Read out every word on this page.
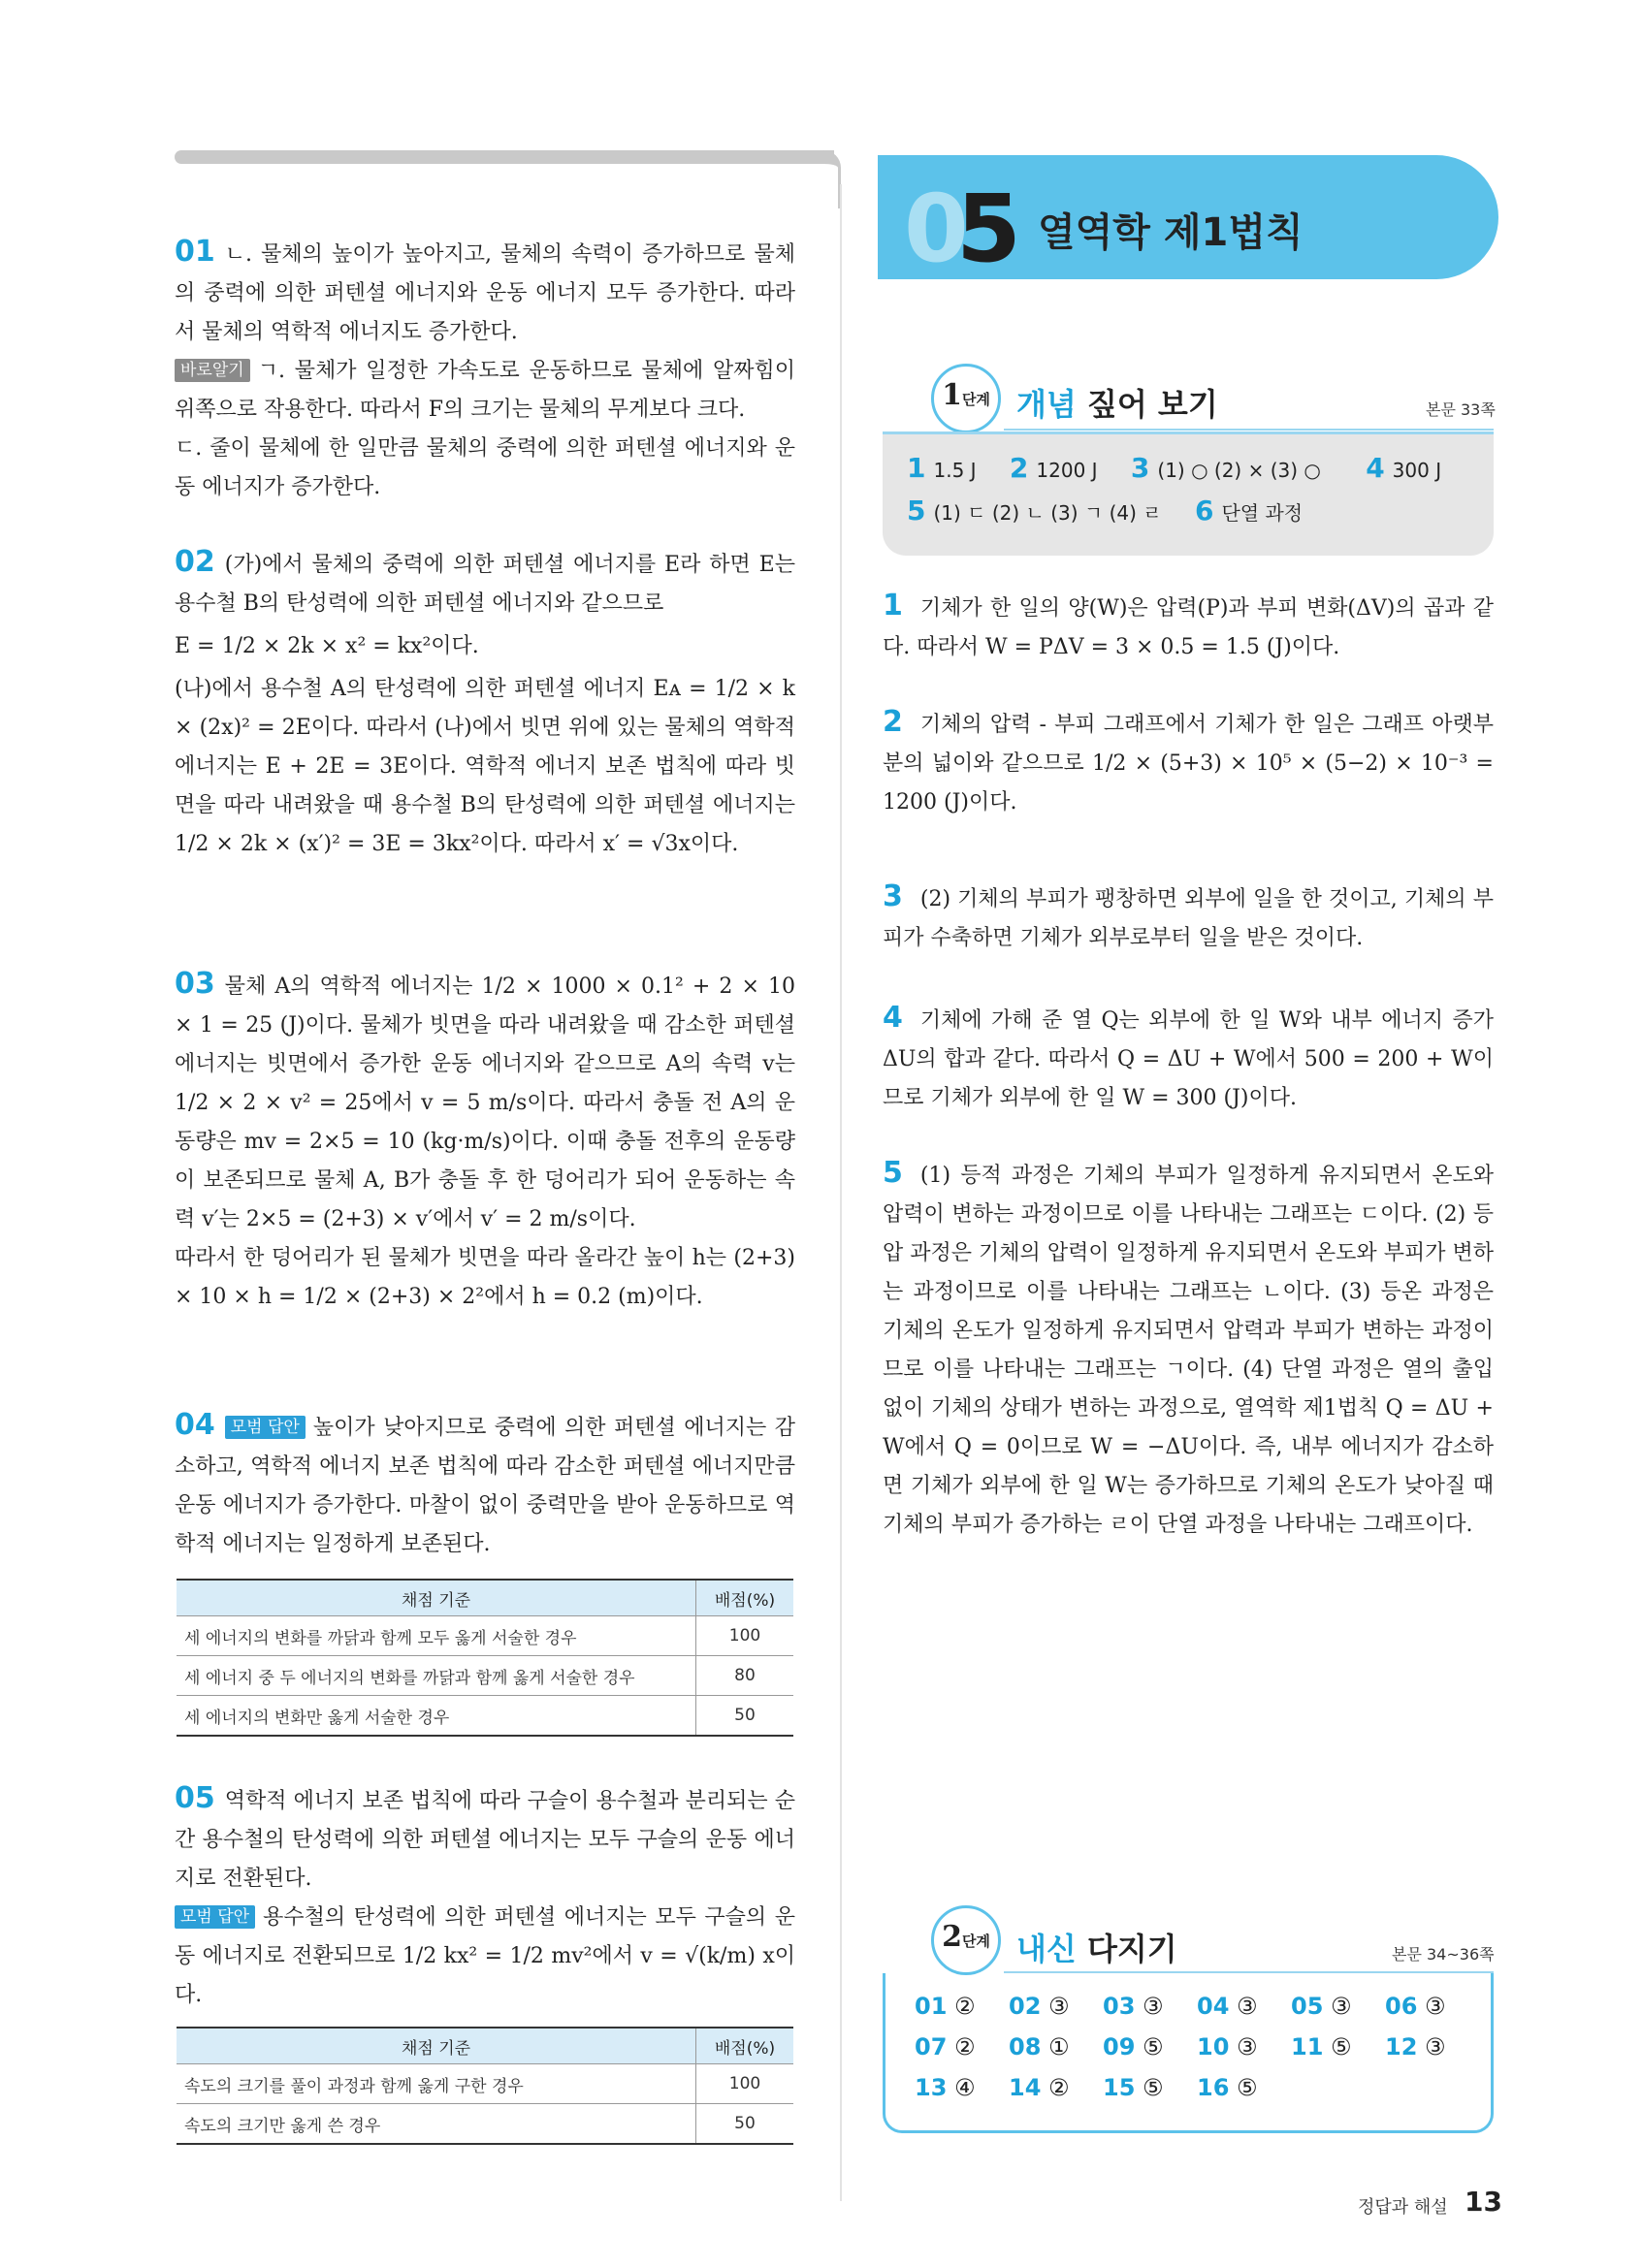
01 ㄴ. 물체의 높이가 높아지고, 물체의 속력이 증가하므로 물체의 중력에 의한 퍼텐셜 에너지와 운동 에너지 모두 증가한다. 따라서 물체의 역학적 에너지도 증가한다.

바로알기 ㄱ. 물체가 일정한 가속도로 운동하므로 물체에 알짜힘이 위쪽으로 작용한다. 따라서 F의 크기는 물체의 무게보다 크다.

ㄷ. 줄이 물체에 한 일만큼 물체의 중력에 의한 퍼텐셜 에너지와 운동 에너지가 증가한다.

02 (가)에서 물체의 중력에 의한 퍼텐셜 에너지를 E라 하면 E는 용수철 B의 탄성력에 의한 퍼텐셜 에너지와 같으므로

E = 1/2 × 2k × x² = kx²이다.

(나)에서 용수철 A의 탄성력에 의한 퍼텐셜 에너지 Eᴀ = 1/2 × k × (2x)² = 2E이다. 따라서 (나)에서 빗면 위에 있는 물체의 역학적 에너지는 E + 2E = 3E이다. 역학적 에너지 보존 법칙에 따라 빗면을 따라 내려왔을 때 용수철 B의 탄성력에 의한 퍼텐셜 에너지는 1/2 × 2k × (x′)² = 3E = 3kx²이다. 따라서 x′ = √3x이다.

03 물체 A의 역학적 에너지는 1/2 × 1000 × 0.1² + 2 × 10 × 1 = 25 (J)이다. 물체가 빗면을 따라 내려왔을 때 감소한 퍼텐셜 에너지는 빗면에서 증가한 운동 에너지와 같으므로 A의 속력 v는 1/2 × 2 × v² = 25에서 v = 5 m/s이다. 따라서 충돌 전 A의 운동량은 mv = 2×5 = 10 (kg·m/s)이다. 이때 충돌 전후의 운동량이 보존되므로 물체 A, B가 충돌 후 한 덩어리가 되어 운동하는 속력 v′는 2×5 = (2+3) × v′에서 v′ = 2 m/s이다.

따라서 한 덩어리가 된 물체가 빗면을 따라 올라간 높이 h는 (2+3) × 10 × h = 1/2 × (2+3) × 2²에서 h = 0.2 (m)이다.

04 모범 답안 높이가 낮아지므로 중력에 의한 퍼텐셜 에너지는 감소하고, 역학적 에너지 보존 법칙에 따라 감소한 퍼텐셜 에너지만큼 운동 에너지가 증가한다. 마찰이 없이 중력만을 받아 운동하므로 역학적 에너지는 일정하게 보존된다.

채점 기준	배점(%)
세 에너지의 변화를 까닭과 함께 모두 옳게 서술한 경우	100
세 에너지 중 두 에너지의 변화를 까닭과 함께 옳게 서술한 경우	80
세 에너지의 변화만 옳게 서술한 경우	50

05 역학적 에너지 보존 법칙에 따라 구슬이 용수철과 분리되는 순간 용수철의 탄성력에 의한 퍼텐셜 에너지는 모두 구슬의 운동 에너지로 전환된다.

모범 답안 용수철의 탄성력에 의한 퍼텐셜 에너지는 모두 구슬의 운동 에너지로 전환되므로 1/2 kx² = 1/2 mv²에서 v = √(k/m) x이다.

채점 기준	배점(%)
속도의 크기를 풀이 과정과 함께 옳게 구한 경우	100
속도의 크기만 옳게 쓴 경우	50
0
5 열역학 제1법칙
1단계 개념 짚어 보기	본문 33쪽
1 1.5 J 2 1200 J 3 (1) ○ (2) × (3) ○ 4 300 J
5 (1) ㄷ (2) ㄴ (3) ㄱ (4) ㄹ 6 단열 과정
1 기체가 한 일의 양(W)은 압력(P)과 부피 변화(ΔV)의 곱과 같다. 따라서 W = PΔV = 3 × 0.5 = 1.5 (J)이다.
2 기체의 압력 - 부피 그래프에서 기체가 한 일은 그래프 아랫부분의 넓이와 같으므로 1/2 × (5+3) × 10⁵ × (5−2) × 10⁻³ = 1200 (J)이다.
3 (2) 기체의 부피가 팽창하면 외부에 일을 한 것이고, 기체의 부피가 수축하면 기체가 외부로부터 일을 받은 것이다.
4 기체에 가해 준 열 Q는 외부에 한 일 W와 내부 에너지 증가 ΔU의 합과 같다. 따라서 Q = ΔU + W에서 500 = 200 + W이므로 기체가 외부에 한 일 W = 300 (J)이다.
5 (1) 등적 과정은 기체의 부피가 일정하게 유지되면서 온도와 압력이 변하는 과정이므로 이를 나타내는 그래프는 ㄷ이다. (2) 등압 과정은 기체의 압력이 일정하게 유지되면서 온도와 부피가 변하는 과정이므로 이를 나타내는 그래프는 ㄴ이다. (3) 등온 과정은 기체의 온도가 일정하게 유지되면서 압력과 부피가 변하는 과정이므로 이를 나타내는 그래프는 ㄱ이다. (4) 단열 과정은 열의 출입 없이 기체의 상태가 변하는 과정으로, 열역학 제1법칙 Q = ΔU + W에서 Q = 0이므로 W = −ΔU이다. 즉, 내부 에너지가 감소하면 기체가 외부에 한 일 W는 증가하므로 기체의 온도가 낮아질 때 기체의 부피가 증가하는 ㄹ이 단열 과정을 나타내는 그래프이다.
2단계 내신 다지기	본문 34~36쪽
01 ② 02 ③ 03 ③ 04 ③ 05 ③ 06 ③
07 ② 08 ① 09 ⑤ 10 ③ 11 ⑤ 12 ③
13 ④ 14 ② 15 ⑤ 16 ⑤
정답과 해설 13
